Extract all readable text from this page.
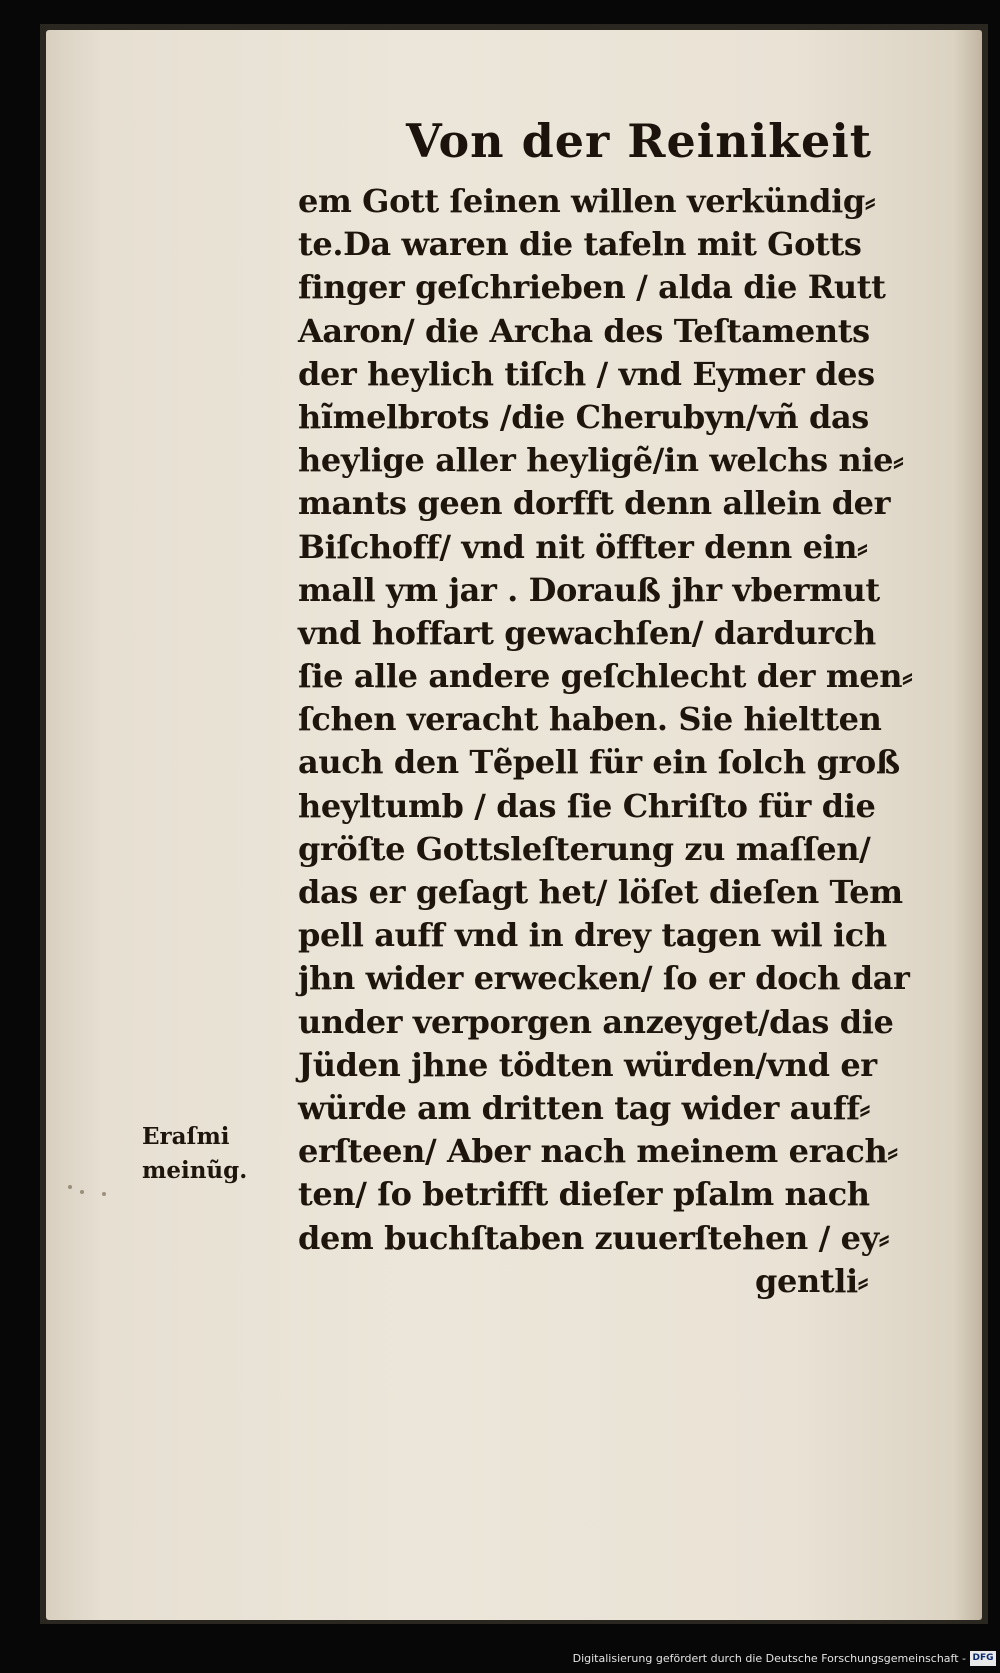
Von der Reinikeit
em Gott ſeinen willen verkündig⸗
te.Da waren die tafeln mit Gotts
finger geſchrieben / alda die Rutt
Aaron/ die Archa des Teſtaments
der heylich tiſch / vnd Eymer des
hĩmelbrots /die Cherubyn/vñ das
heylige aller heyligẽ/in welchs nie⸗
mants geen dorfft denn allein der
Biſchoff/ vnd nit öffter denn ein⸗
mall ym jar . Dorauß jhr vbermut
vnd hoffart gewachſen/ dardurch
ſie alle andere geſchlecht der men⸗
ſchen veracht haben. Sie hieltten
auch den Tẽpell für ein ſolch groß
heyltumb / das ſie Chriſto für die
gröſte Gottsleſterung zu maſſen/
das er geſagt het/ löſet dieſen Tem
pell auff vnd in drey tagen wil ich
jhn wider erwecken/ ſo er doch dar
under verporgen anzeyget/das die
Jüden jhne tödten würden/vnd er
würde am dritten tag wider auff⸗
erſteen/ Aber nach meinem erach⸗
ten/ ſo betrifft dieſer pſalm nach
dem buchſtaben zuuerſtehen / ey⸗
gentli⸗
Eraſmi
meinũg.
Digitalisierung gefördert durch die Deutsche Forschungsgemeinschaft - DFG
